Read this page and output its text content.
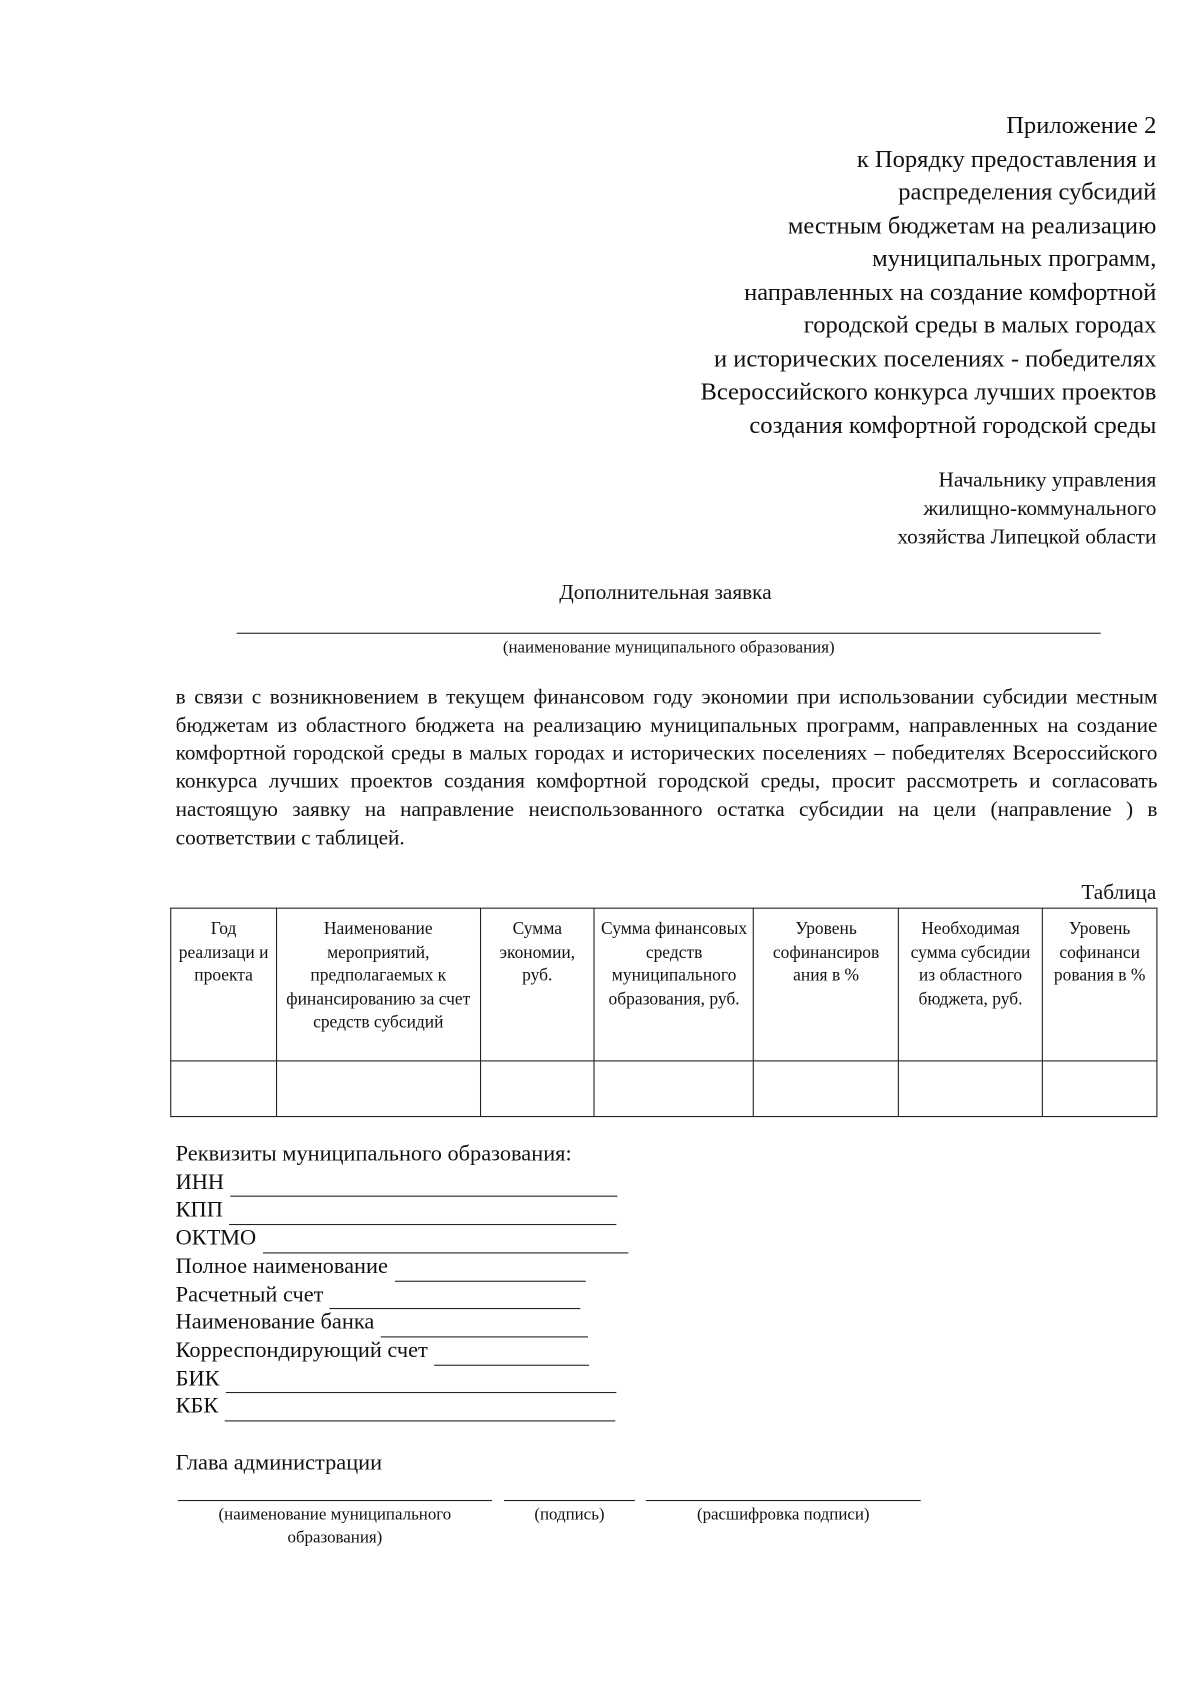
Приложение 2
к Порядку предоставления и
распределения субсидий
местным бюджетам на реализацию
муниципальных программ,
направленных на создание комфортной
городской среды в малых городах
и исторических поселениях - победителях
Всероссийского конкурса лучших проектов
создания комфортной городской среды
Начальнику управления
жилищно-коммунального
хозяйства Липецкой области
Дополнительная заявка
(наименование муниципального образования)
в связи с возникновением в текущем финансовом году экономии при использовании субсидии местным бюджетам из областного бюджета на реализацию муниципальных программ, направленных на создание комфортной городской среды в малых городах и исторических поселениях – победителях Всероссийского конкурса лучших проектов создания комфортной городской среды, просит рассмотреть и согласовать настоящую заявку на направление неиспользованного остатка субсидии на цели (направление ) в соответствии с таблицей.
Таблица
Год реализаци и проекта	Наименование мероприятий, предполагаемых к финансированию за счет средств субсидий	Сумма экономии, руб.	Сумма финансовых средств муниципального образования, руб.	Уровень софинансиров ания в %	Необходимая сумма субсидии из областного бюджета, руб.	Уровень софинанси рования в %

Реквизиты муниципального образования:
ИНН
КПП
ОКТМО
Полное наименование
Расчетный счет
Наименование банка
Корреспондирующий счет
БИК
КБК
Глава администрации
(наименование муниципального образования)
(подпись)	(расшифровка подписи)
